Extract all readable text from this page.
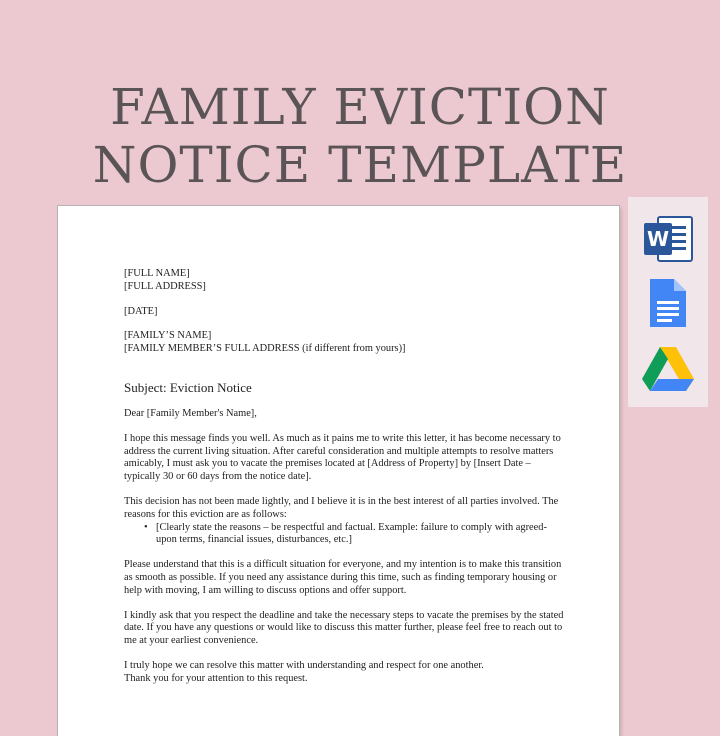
FAMILY EVICTION
NOTICE TEMPLATE

[FULL NAME]

[FULL ADDRESS]

[DATE]

[FAMILY’S NAME]

[FAMILY MEMBER’S FULL ADDRESS (if different from yours)]

Subject: Eviction Notice

Dear [Family Member's Name],

I hope this message finds you well. As much as it pains me to write this letter, it has become necessary to address the current living situation. After careful consideration and multiple attempts to resolve matters amicably, I must ask you to vacate the premises located at [Address of Property] by [Insert Date – typically 30 or 60 days from the notice date].

This decision has not been made lightly, and I believe it is in the best interest of all parties involved. The reasons for this eviction are as follows:

• [Clearly state the reasons – be respectful and factual. Example: failure to comply with agreed-upon terms, financial issues, disturbances, etc.]

Please understand that this is a difficult situation for everyone, and my intention is to make this transition as smooth as possible. If you need any assistance during this time, such as finding temporary housing or help with moving, I am willing to discuss options and offer support.

I kindly ask that you respect the deadline and take the necessary steps to vacate the premises by the stated date. If you have any questions or would like to discuss this matter further, please feel free to reach out to me at your earliest convenience.

I truly hope we can resolve this matter with understanding and respect for one another.

Thank you for your attention to this request.

W
